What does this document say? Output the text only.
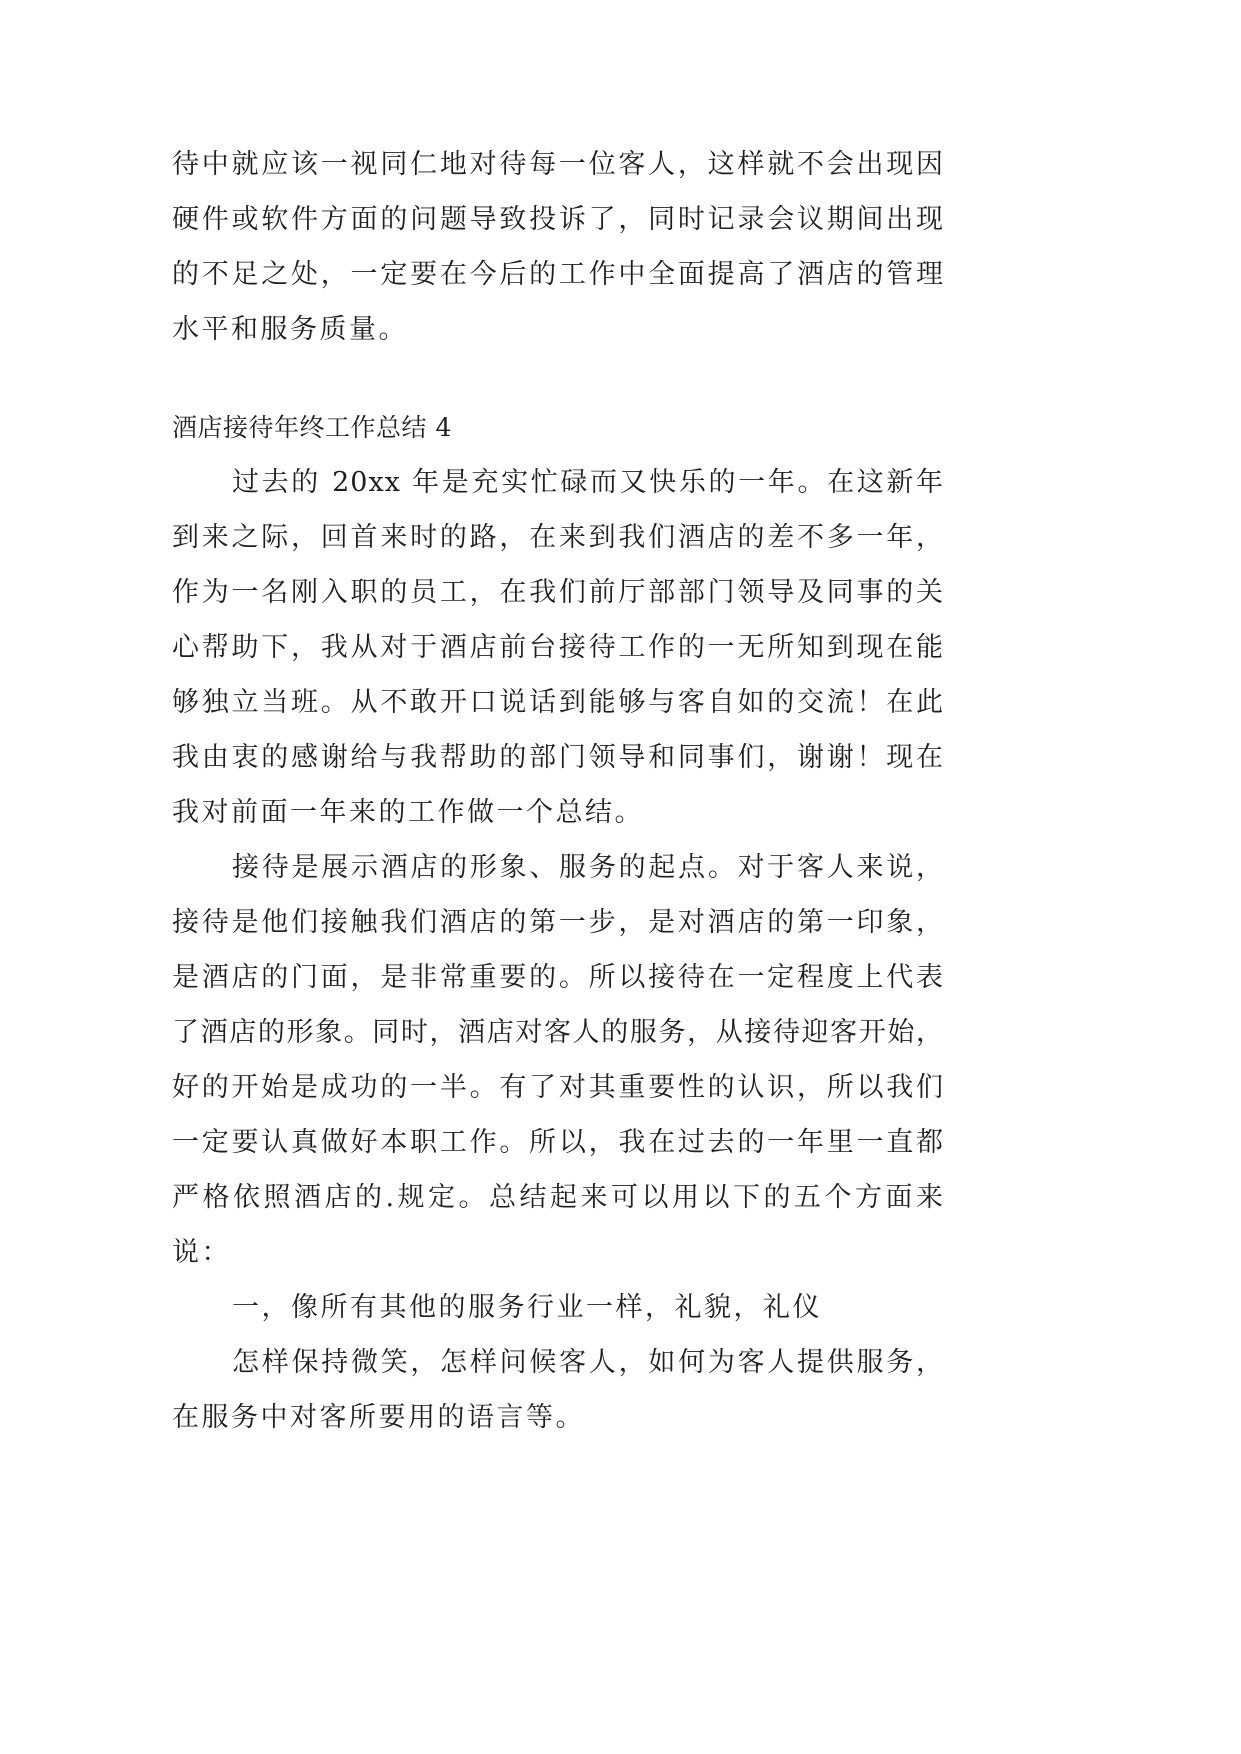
待中就应该一视同仁地对待每一位客人，这样就不会出现因
硬件或软件方面的问题导致投诉了，同时记录会议期间出现
的不足之处，一定要在今后的工作中全面提高了酒店的管理
水平和服务质量。
酒店接待年终工作总结 4
过去的 20xx 年是充实忙碌而又快乐的一年。在这新年
到来之际，回首来时的路，在来到我们酒店的差不多一年，
作为一名刚入职的员工，在我们前厅部部门领导及同事的关
心帮助下，我从对于酒店前台接待工作的一无所知到现在能
够独立当班。从不敢开口说话到能够与客自如的交流！在此
我由衷的感谢给与我帮助的部门领导和同事们，谢谢！现在
我对前面一年来的工作做一个总结。
接待是展示酒店的形象、服务的起点。对于客人来说，
接待是他们接触我们酒店的第一步，是对酒店的第一印象，
是酒店的门面，是非常重要的。所以接待在一定程度上代表
了酒店的形象。同时，酒店对客人的服务，从接待迎客开始，
好的开始是成功的一半。有了对其重要性的认识，所以我们
一定要认真做好本职工作。所以，我在过去的一年里一直都
严格依照酒店的.规定。总结起来可以用以下的五个方面来
说：
一，像所有其他的服务行业一样，礼貌，礼仪
怎样保持微笑，怎样问候客人，如何为客人提供服务，
在服务中对客所要用的语言等。
